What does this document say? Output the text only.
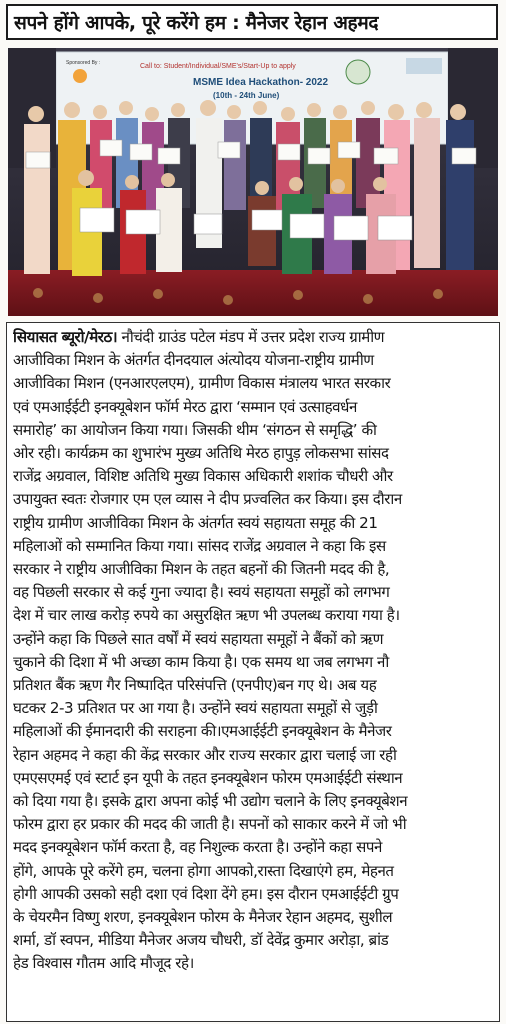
सपने होंगे आपके, पूरे करेंगे हम : मैनेजर रेहान अहमद
Call to: Student/Individual/SME's/Start-Up to apply
MSME Idea Hackathon- 2022
(10th - 24th June)
Sponsored By :
सियासत ब्यूरो/मेरठ। नौचंदी ग्राउंड पटेल मंडप में उत्तर प्रदेश राज्य ग्रामीण
आजीविका मिशन के अंतर्गत दीनदयाल अंत्योदय योजना-राष्ट्रीय ग्रामीण
आजीविका मिशन (एनआरएलएम), ग्रामीण विकास मंत्रालय भारत सरकार
एवं एमआईईटी इनक्यूबेशन फॉर्म मेरठ द्वारा ‘सम्मान एवं उत्साहवर्धन
समारोह’ का आयोजन किया गया। जिसकी थीम ‘संगठन से समृद्धि’ की
ओर रही। कार्यक्रम का शुभारंभ मुख्य अतिथि मेरठ हापुड़ लोकसभा सांसद
राजेंद्र अग्रवाल, विशिष्ट अतिथि मुख्य विकास अधिकारी शशांक चौधरी और
उपायुक्त स्वतः रोजगार एम एल व्यास ने दीप प्रज्वलित कर किया। इस दौरान
राष्ट्रीय ग्रामीण आजीविका मिशन के अंतर्गत स्वयं सहायता समूह की 21
महिलाओं को सम्मानित किया गया। सांसद राजेंद्र अग्रवाल ने कहा कि इस
सरकार ने राष्ट्रीय आजीविका मिशन के तहत बहनों की जितनी मदद की है,
वह पिछली सरकार से कई गुना ज्यादा है। स्वयं सहायता समूहों को लगभग
देश में चार लाख करोड़ रुपये का असुरक्षित ऋण भी उपलब्ध कराया गया है।
उन्होंने कहा कि पिछले सात वर्षों में स्वयं सहायता समूहों ने बैंकों को ऋण
चुकाने की दिशा में भी अच्छा काम किया है। एक समय था जब लगभग नौ
प्रतिशत बैंक ऋण गैर निष्पादित परिसंपत्ति (एनपीए)बन गए थे। अब यह
घटकर 2-3 प्रतिशत पर आ गया है। उन्होंने स्वयं सहायता समूहों से जुड़ी
महिलाओं की ईमानदारी की सराहना की।एमआईईटी इनक्यूबेशन के मैनेजर
रेहान अहमद ने कहा की केंद्र सरकार और राज्य सरकार द्वारा चलाई जा रही
एमएसएमई एवं स्टार्ट इन यूपी के तहत इनक्यूबेशन फोरम एमआईईटी संस्थान
को दिया गया है। इसके द्वारा अपना कोई भी उद्योग चलाने के लिए इनक्यूबेशन
फोरम द्वारा हर प्रकार की मदद की जाती है। सपनों को साकार करने में जो भी
मदद इनक्यूबेशन फॉर्म करता है, वह निशुल्क करता है। उन्होंने कहा सपने
होंगे, आपके पूरे करेंगे हम, चलना होगा आपको,रास्ता दिखाएंगे हम, मेहनत
होगी आपकी उसको सही दशा एवं दिशा देंगे हम। इस दौरान एमआईईटी ग्रुप
के चेयरमैन विष्णु शरण, इनक्यूबेशन फोरम के मैनेजर रेहान अहमद, सुशील
शर्मा, डॉ स्वपन, मीडिया मैनेजर अजय चौधरी, डॉ देवेंद्र कुमार अरोड़ा, ब्रांड
हेड विश्वास गौतम आदि मौजूद रहे।
